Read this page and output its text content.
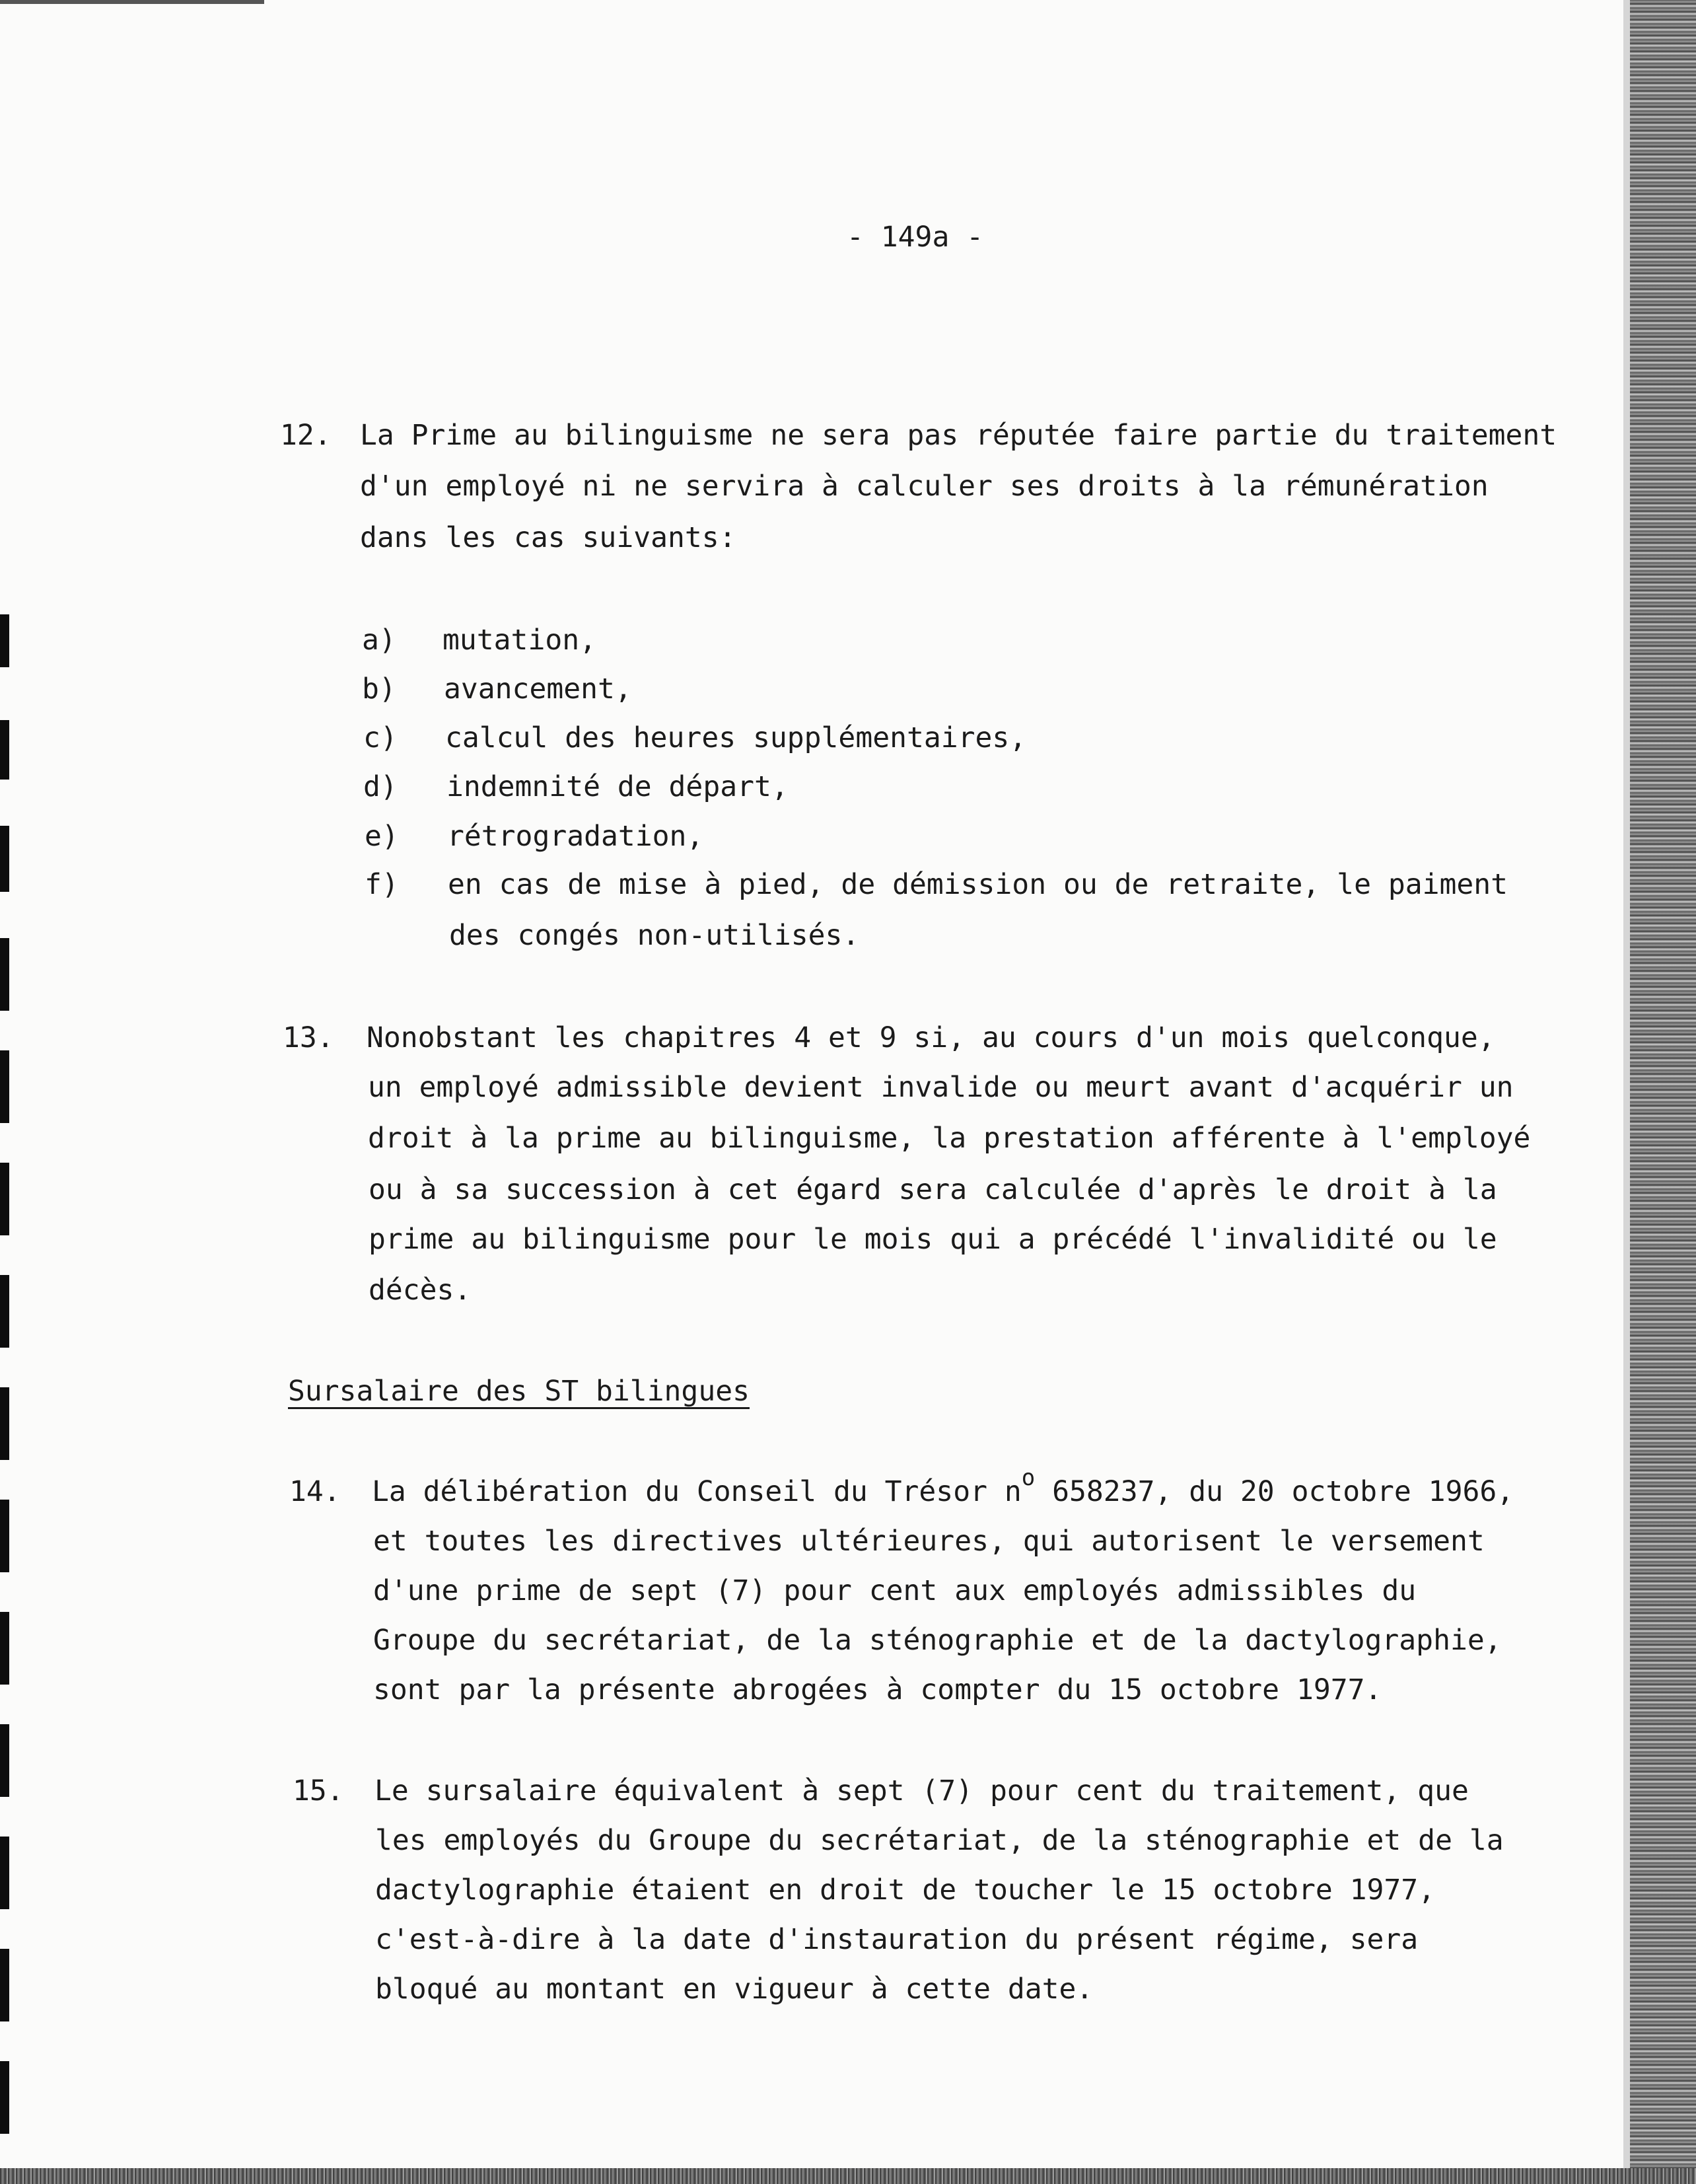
- 149a -
12. La Prime au bilinguisme ne sera pas réputée faire partie du traitement
d'un employé ni ne servira à calculer ses droits à la rémunération
dans les cas suivants:
a) mutation,
b) avancement,
c) calcul des heures supplémentaires,
d) indemnité de départ,
e) rétrogradation,
f) en cas de mise à pied, de démission ou de retraite, le paiment
des congés non-utilisés.
13. Nonobstant les chapitres 4 et 9 si, au cours d'un mois quelconque,
un employé admissible devient invalide ou meurt avant d'acquérir un
droit à la prime au bilinguisme, la prestation afférente à l'employé
ou à sa succession à cet égard sera calculée d'après le droit à la
prime au bilinguisme pour le mois qui a précédé l'invalidité ou le
décès.
Sursalaire des ST bilingues
14. La délibération du Conseil du Trésor $n^o$ 658237, du 20 octobre 1966,
et toutes les directives ultérieures, qui autorisent le versement
d'une prime de sept (7) pour cent aux employés admissibles du
Groupe du secrétariat, de la sténographie et de la dactylographie,
sont par la présente abrogées à compter du 15 octobre 1977.
15. Le sursalaire équivalent à sept (7) pour cent du traitement, que
les employés du Groupe du secrétariat, de la sténographie et de la
dactylographie étaient en droit de toucher le 15 octobre 1977,
c'est-à-dire à la date d'instauration du présent régime, sera
bloqué au montant en vigueur à cette date.
